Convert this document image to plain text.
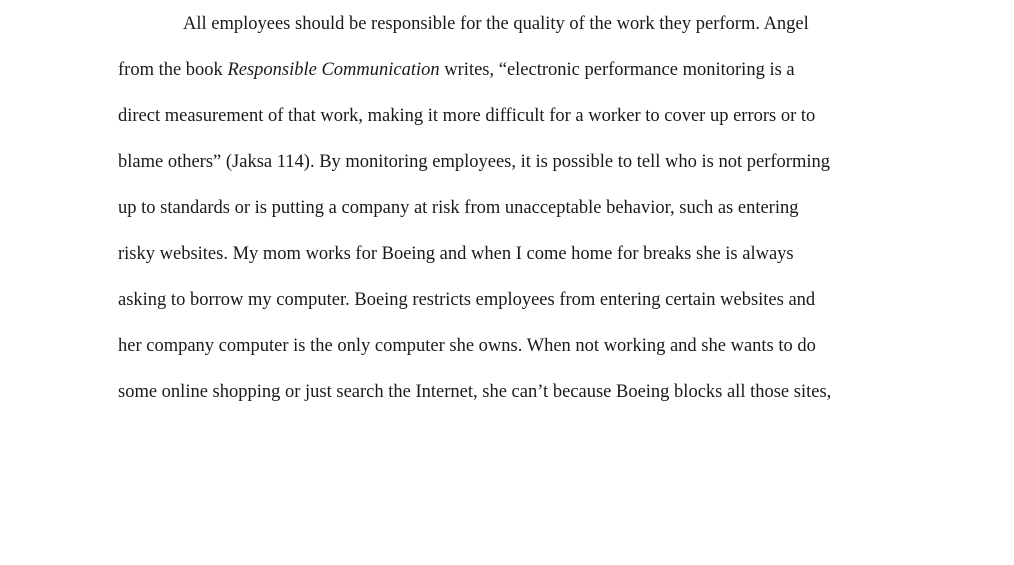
All employees should be responsible for the quality of the work they perform. Angel
from the book Responsible Communication writes, “electronic performance monitoring is a
direct measurement of that work, making it more difficult for a worker to cover up errors or to
blame others” (Jaksa 114). By monitoring employees, it is possible to tell who is not performing
up to standards or is putting a company at risk from unacceptable behavior, such as entering
risky websites. My mom works for Boeing and when I come home for breaks she is always
asking to borrow my computer. Boeing restricts employees from entering certain websites and
her company computer is the only computer she owns. When not working and she wants to do
some online shopping or just search the Internet, she can’t because Boeing blocks all those sites,
